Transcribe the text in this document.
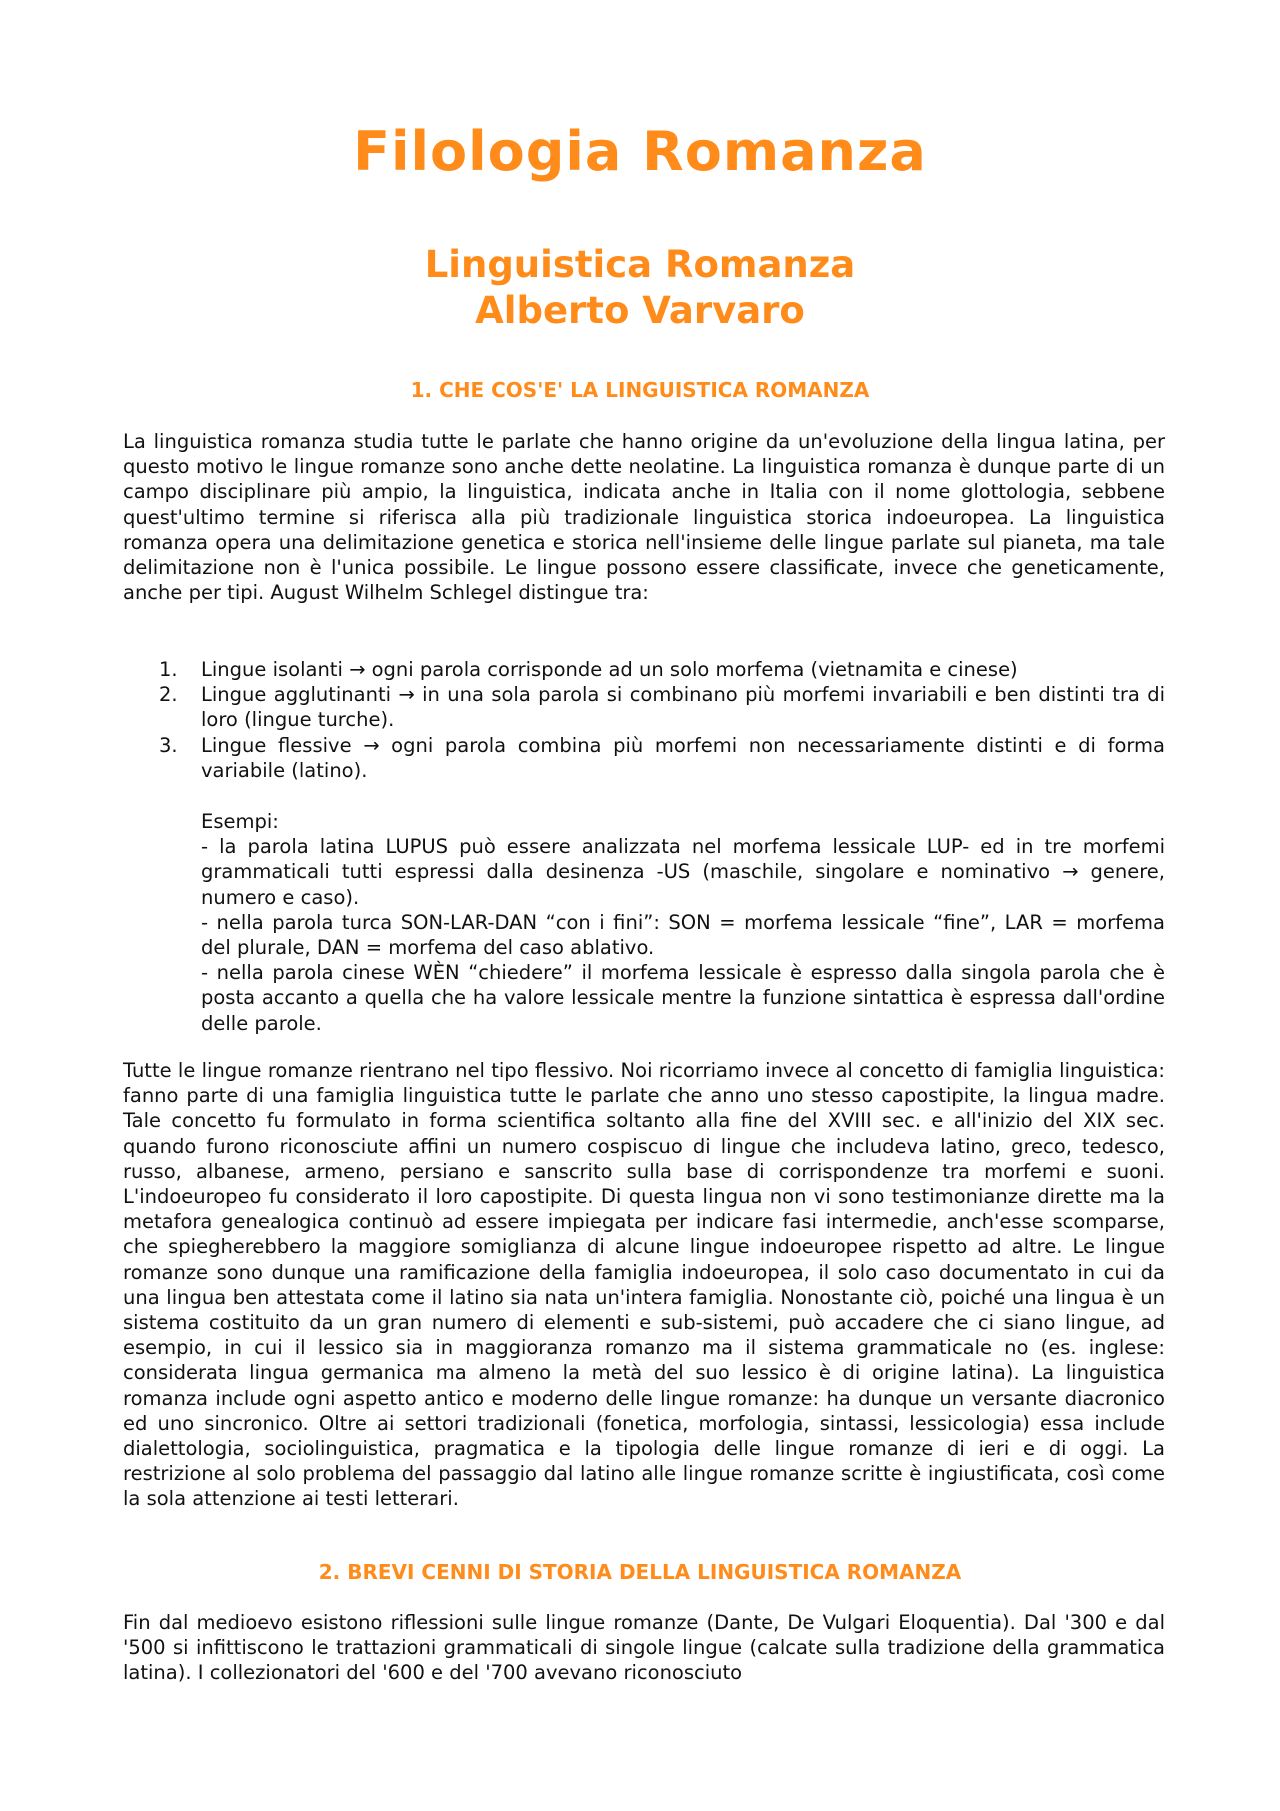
Filologia Romanza
Linguistica Romanza
Alberto Varvaro
1. CHE COS'E' LA LINGUISTICA ROMANZA

La linguistica romanza studia tutte le parlate che hanno origine da un'evoluzione della lingua latina, per questo motivo le lingue romanze sono anche dette neolatine. La linguistica romanza è dunque parte di un campo disciplinare più ampio, la linguistica, indicata anche in Italia con il nome glottologia, sebbene quest'ultimo termine si riferisca alla più tradizionale linguistica storica indoeuropea. La linguistica romanza opera una delimitazione genetica e storica nell'insieme delle lingue parlate sul pianeta, ma tale delimitazione non è l'unica possibile. Le lingue possono essere classificate, invece che geneticamente, anche per tipi. August Wilhelm Schlegel distingue tra:

1. Lingue isolanti → ogni parola corrisponde ad un solo morfema (vietnamita e cinese)
2. Lingue agglutinanti → in una sola parola si combinano più morfemi invariabili e ben distinti tra di loro (lingue turche).
3. Lingue flessive → ogni parola combina più morfemi non necessariamente distinti e di forma variabile (latino).

Esempi:

- la parola latina LUPUS può essere analizzata nel morfema lessicale LUP- ed in tre morfemi grammaticali tutti espressi dalla desinenza -US (maschile, singolare e nominativo → genere, numero e caso).

- nella parola turca SON-LAR-DAN “con i fini”: SON = morfema lessicale “fine”, LAR = morfema del plurale, DAN = morfema del caso ablativo.

- nella parola cinese WÈN “chiedere” il morfema lessicale è espresso dalla singola parola che è posta accanto a quella che ha valore lessicale mentre la funzione sintattica è espressa dall'ordine delle parole.

Tutte le lingue romanze rientrano nel tipo flessivo. Noi ricorriamo invece al concetto di famiglia linguistica: fanno parte di una famiglia linguistica tutte le parlate che anno uno stesso capostipite, la lingua madre. Tale concetto fu formulato in forma scientifica soltanto alla fine del XVIII sec. e all'inizio del XIX sec. quando furono riconosciute affini un numero cospiscuo di lingue che includeva latino, greco, tedesco, russo, albanese, armeno, persiano e sanscrito sulla base di corrispondenze tra morfemi e suoni. L'indoeuropeo fu considerato il loro capostipite. Di questa lingua non vi sono testimonianze dirette ma la metafora genealogica continuò ad essere impiegata per indicare fasi intermedie, anch'esse scomparse, che spiegherebbero la maggiore somiglianza di alcune lingue indoeuropee rispetto ad altre. Le lingue romanze sono dunque una ramificazione della famiglia indoeuropea, il solo caso documentato in cui da una lingua ben attestata come il latino sia nata un'intera famiglia. Nonostante ciò, poiché una lingua è un sistema costituito da un gran numero di elementi e sub-sistemi, può accadere che ci siano lingue, ad esempio, in cui il lessico sia in maggioranza romanzo ma il sistema grammaticale no (es. inglese: considerata lingua germanica ma almeno la metà del suo lessico è di origine latina). La linguistica romanza include ogni aspetto antico e moderno delle lingue romanze: ha dunque un versante diacronico ed uno sincronico. Oltre ai settori tradizionali (fonetica, morfologia, sintassi, lessicologia) essa include dialettologia, sociolinguistica, pragmatica e la tipologia delle lingue romanze di ieri e di oggi. La restrizione al solo problema del passaggio dal latino alle lingue romanze scritte è ingiustificata, così come la sola attenzione ai testi letterari.

2. BREVI CENNI DI STORIA DELLA LINGUISTICA ROMANZA

Fin dal medioevo esistono riflessioni sulle lingue romanze (Dante, De Vulgari Eloquentia). Dal '300 e dal '500 si infittiscono le trattazioni grammaticali di singole lingue (calcate sulla tradizione della grammatica latina). I collezionatori del '600 e del '700 avevano riconosciuto
